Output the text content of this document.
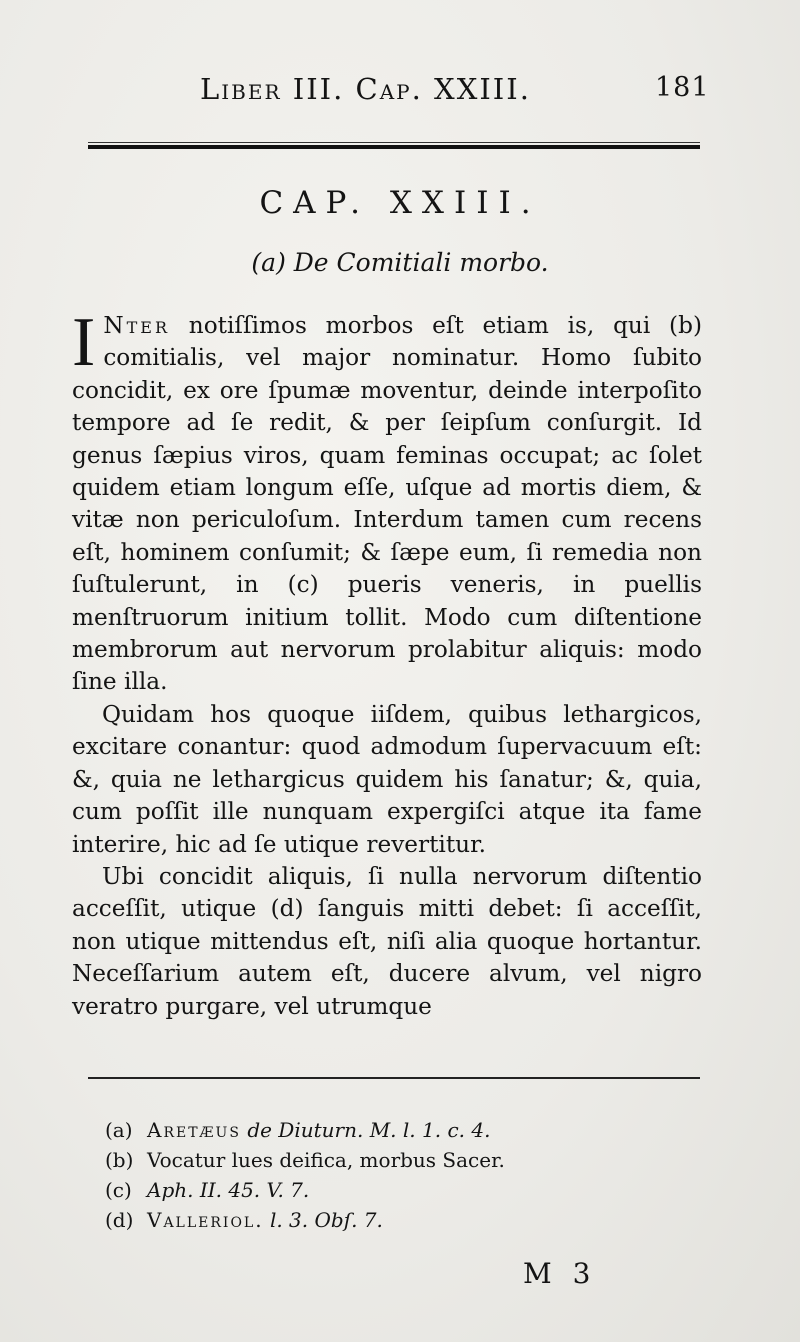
Liber III. Cap. XXIII.	181
CAP. XXIII.
(a) De Comitiali morbo.

I Nter notiſſimos morbos eſt etiam is, qui (b) comitialis, vel major nominatur. Homo ſubito concidit, ex ore ſpumæ moventur, deinde interpoſito tempore ad ſe redit, & per ſeipſum conſurgit. Id genus ſæpius viros, quam feminas occupat; ac ſolet quidem etiam longum eſſe, uſque ad mortis diem, & vitæ non periculoſum. Interdum tamen cum recens eſt, hominem conſumit; & ſæpe eum, ſi remedia non ſuſtulerunt, in (c) pueris veneris, in puellis menſtruorum initium tollit. Modo cum diſtentione membrorum aut nervorum prolabitur aliquis: modo ſine illa.

Quidam hos quoque iiſdem, quibus lethargicos, excitare conantur: quod admodum ſupervacuum eſt: &, quia ne lethargicus quidem his ſanatur; &, quia, cum poſſit ille nunquam expergiſci atque ita fame interire, hic ad ſe utique revertitur.

Ubi concidit aliquis, ſi nulla nervorum diſtentio acceſſit, utique (d) ſanguis mitti debet: ſi acceſſit, non utique mittendus eſt, niſi alia quoque hortantur. Neceſſarium autem eſt, ducere alvum, vel nigro veratro purgare, vel utrumque

(a) Aretæus de Diuturn. M. l. 1. c. 4.
(b) Vocatur lues deifica, morbus Sacer.
(c) Aph. II. 45. V. 7.
(d) Valleriol. l. 3. Obſ. 7.
M 3
